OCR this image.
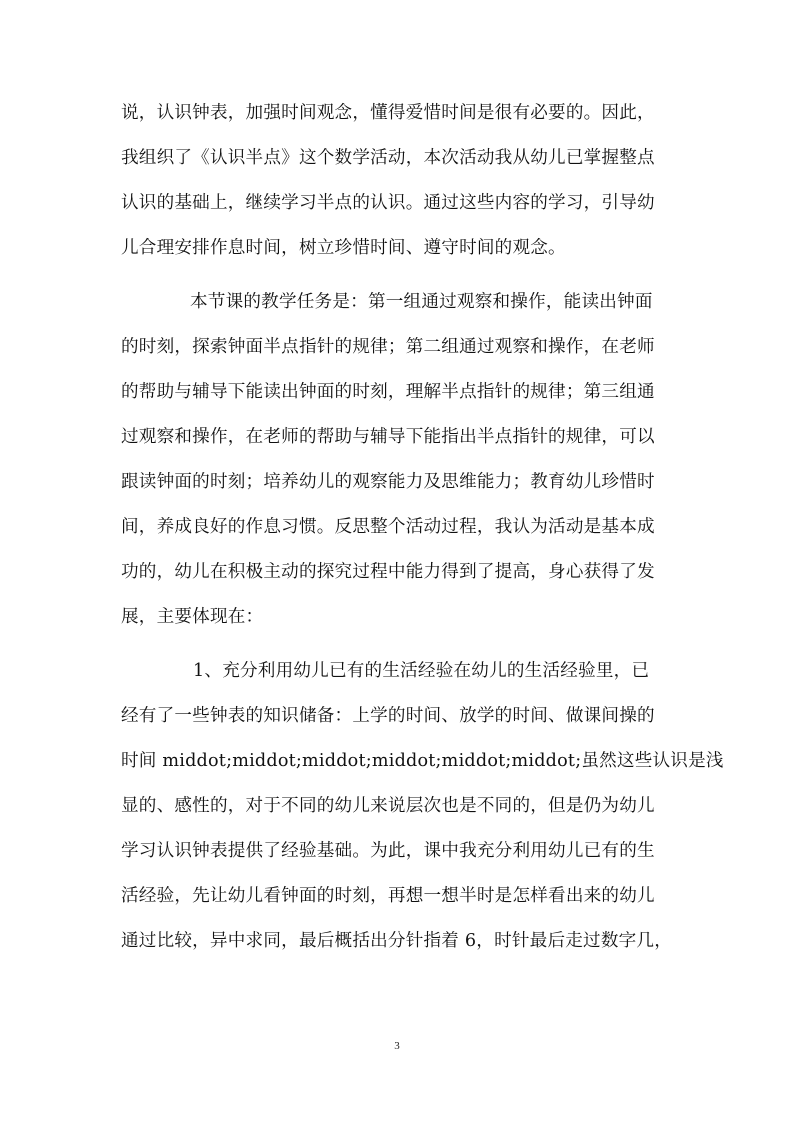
说，认识钟表，加强时间观念，懂得爱惜时间是很有必要的。因此，
我组织了《认识半点》这个数学活动，本次活动我从幼儿已掌握整点
认识的基础上，继续学习半点的认识。通过这些内容的学习，引导幼
儿合理安排作息时间，树立珍惜时间、遵守时间的观念。
本节课的教学任务是：第一组通过观察和操作，能读出钟面
的时刻，探索钟面半点指针的规律；第二组通过观察和操作，在老师
的帮助与辅导下能读出钟面的时刻，理解半点指针的规律；第三组通
过观察和操作，在老师的帮助与辅导下能指出半点指针的规律，可以
跟读钟面的时刻；培养幼儿的观察能力及思维能力；教育幼儿珍惜时
间，养成良好的作息习惯。反思整个活动过程，我认为活动是基本成
功的，幼儿在积极主动的探究过程中能力得到了提高，身心获得了发
展，主要体现在：
1、充分利用幼儿已有的生活经验在幼儿的生活经验里，已
经有了一些钟表的知识储备：上学的时间、放学的时间、做课间操的
时间 middot;middot;middot;middot;middot;middot;虽然这些认识是浅
显的、感性的，对于不同的幼儿来说层次也是不同的，但是仍为幼儿
学习认识钟表提供了经验基础。为此，课中我充分利用幼儿已有的生
活经验，先让幼儿看钟面的时刻，再想一想半时是怎样看出来的幼儿
通过比较，异中求同，最后概括出分针指着 6，时针最后走过数字几，
3
